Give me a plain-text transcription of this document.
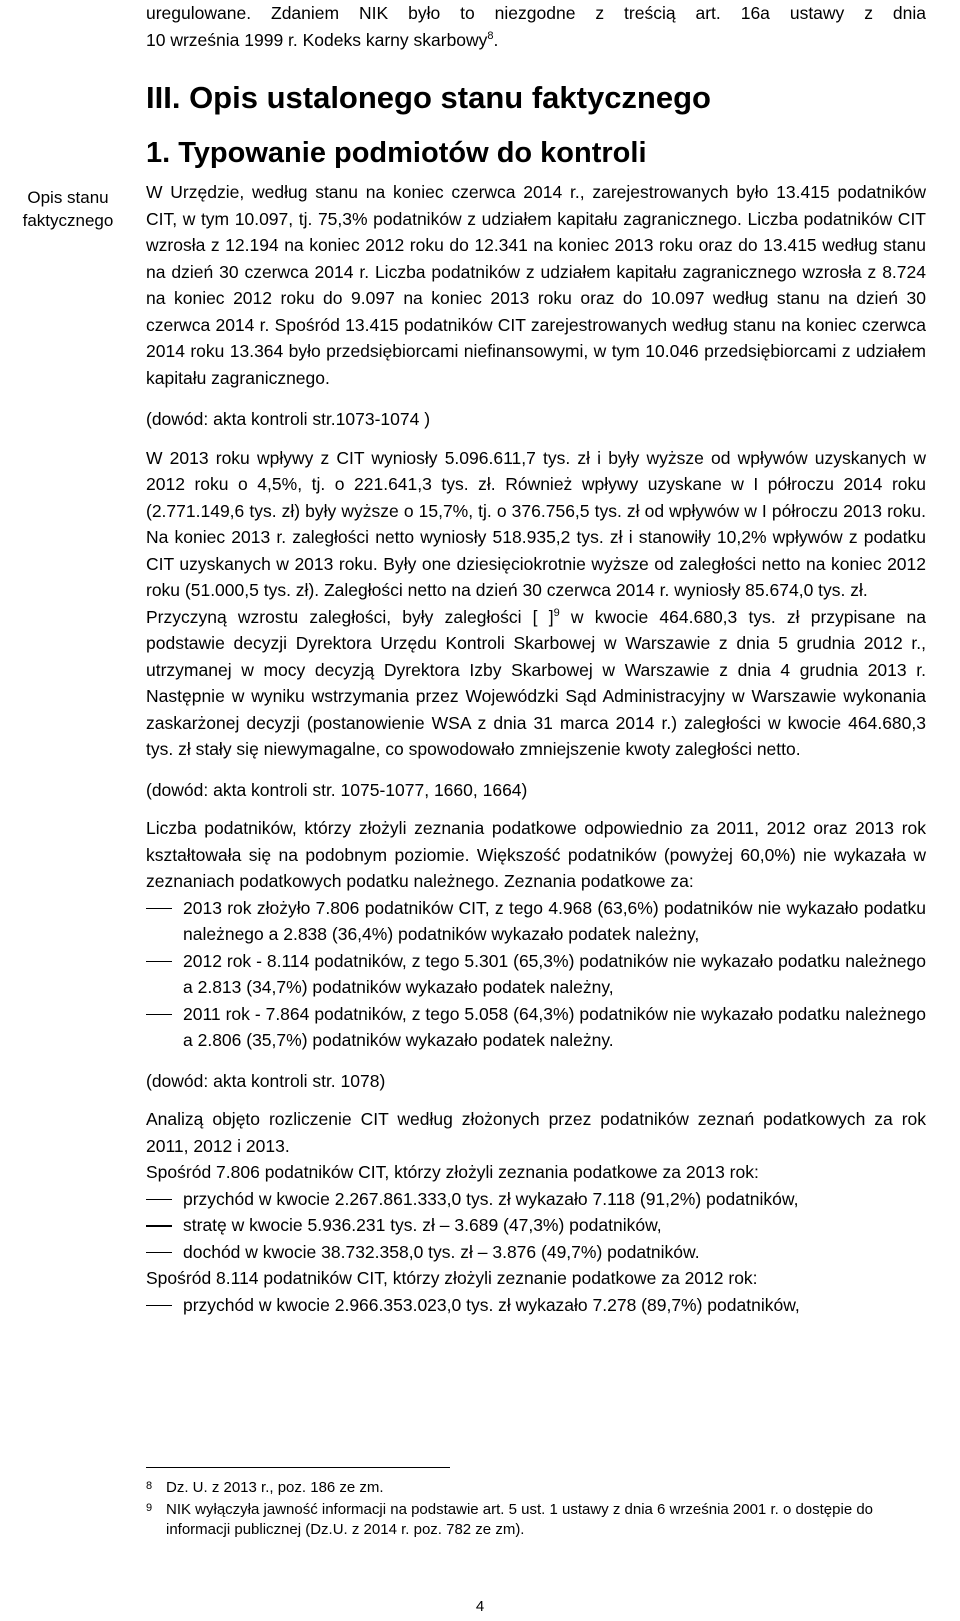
uregulowane. Zdaniem NIK było to niezgodne z treścią art. 16a ustawy z dnia

10 września 1999 r. Kodeks karny skarbowy$^8$.

III. Opis ustalonego stanu faktycznego
1. Typowanie podmiotów do kontroli
Opis stanu
faktycznego

W Urzędzie, według stanu na koniec czerwca 2014 r., zarejestrowanych było 13.415 podatników CIT, w tym 10.097, tj. 75,3% podatników z udziałem kapitału zagranicznego. Liczba podatników CIT wzrosła z 12.194 na koniec 2012 roku do 12.341 na koniec 2013 roku oraz do 13.415 według stanu na dzień 30 czerwca 2014 r. Liczba podatników z udziałem kapitału zagranicznego wzrosła z 8.724 na koniec 2012 roku do 9.097 na koniec 2013 roku oraz do 10.097 według stanu na dzień 30 czerwca 2014 r. Spośród 13.415 podatników CIT zarejestrowanych według stanu na koniec czerwca 2014 roku 13.364 było przedsiębiorcami niefinansowymi, w tym 10.046 przedsiębiorcami z udziałem kapitału zagranicznego.

(dowód: akta kontroli str.1073-1074 )

W 2013 roku wpływy z CIT wyniosły 5.096.611,7 tys. zł i były wyższe od wpływów uzyskanych w 2012 roku o 4,5%, tj. o 221.641,3 tys. zł. Również wpływy uzyskane w I półroczu 2014 roku (2.771.149,6 tys. zł) były wyższe o 15,7%, tj. o 376.756,5 tys. zł od wpływów w I półroczu 2013 roku. Na koniec 2013 r. zaległości netto wyniosły 518.935,2 tys. zł i stanowiły 10,2% wpływów z podatku CIT uzyskanych w 2013 roku. Były one dziesięciokrotnie wyższe od zaległości netto na koniec 2012 roku (51.000,5 tys. zł). Zaległości netto na dzień 30 czerwca 2014 r. wyniosły 85.674,0 tys. zł.

Przyczyną wzrostu zaległości, były zaległości [ ]$^9$ w kwocie 464.680,3 tys. zł przypisane na podstawie decyzji Dyrektora Urzędu Kontroli Skarbowej w Warszawie z dnia 5 grudnia 2012 r., utrzymanej w mocy decyzją Dyrektora Izby Skarbowej w Warszawie z dnia 4 grudnia 2013 r. Następnie w wyniku wstrzymania przez Wojewódzki Sąd Administracyjny w Warszawie wykonania zaskarżonej decyzji (postanowienie WSA z dnia 31 marca 2014 r.) zaległości w kwocie 464.680,3 tys. zł stały się niewymagalne, co spowodowało zmniejszenie kwoty zaległości netto.

(dowód: akta kontroli str. 1075-1077, 1660, 1664)

Liczba podatników, którzy złożyli zeznania podatkowe odpowiednio za 2011, 2012 oraz 2013 rok kształtowała się na podobnym poziomie. Większość podatników (powyżej 60,0%) nie wykazała w zeznaniach podatkowych podatku należnego. Zeznania podatkowe za:

2013 rok złożyło 7.806 podatników CIT, z tego 4.968 (63,6%) podatników nie wykazało podatku należnego a 2.838 (36,4%) podatników wykazało podatek należny,
2012 rok - 8.114 podatników, z tego 5.301 (65,3%) podatników nie wykazało podatku należnego a 2.813 (34,7%) podatników wykazało podatek należny,
2011 rok - 7.864 podatników, z tego 5.058 (64,3%) podatników nie wykazało podatku należnego a 2.806 (35,7%) podatników wykazało podatek należny.

(dowód: akta kontroli str. 1078)

Analizą objęto rozliczenie CIT według złożonych przez podatników zeznań podatkowych za rok 2011, 2012 i 2013.

Spośród 7.806 podatników CIT, którzy złożyli zeznania podatkowe za 2013 rok:

przychód w kwocie 2.267.861.333,0 tys. zł wykazało 7.118 (91,2%) podatników,
stratę w kwocie 5.936.231 tys. zł – 3.689 (47,3%) podatników,
dochód w kwocie 38.732.358,0 tys. zł – 3.876 (49,7%) podatników.

Spośród 8.114 podatników CIT, którzy złożyli zeznanie podatkowe za 2012 rok:

przychód w kwocie 2.966.353.023,0 tys. zł wykazało 7.278 (89,7%) podatników,

8 Dz. U. z 2013 r., poz. 186 ze zm.

9 NIK wyłączyła jawność informacji na podstawie art. 5 ust. 1 ustawy z dnia 6 września 2001 r. o dostępie do informacji publicznej (Dz.U. z 2014 r. poz. 782 ze zm).

4
